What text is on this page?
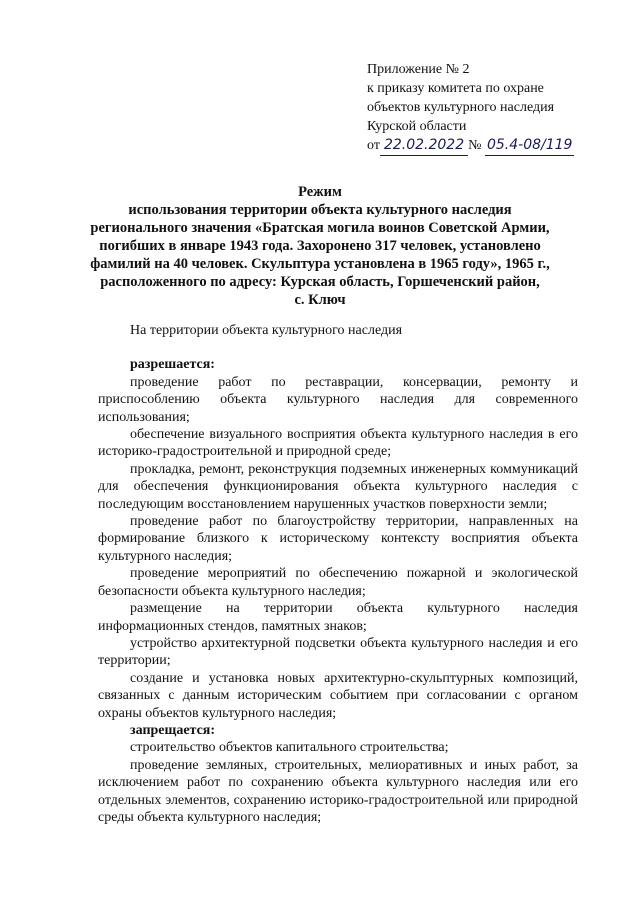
Приложение № 2
к приказу комитета по охране
объектов культурного наследия
Курской области
от 22.02.2022 № 05.4-08/119
Режим
использования территории объекта культурного наследия
регионального значения «Братская могила воинов Советской Армии,
погибших в январе 1943 года. Захоронено 317 человек, установлено
фамилий на 40 человек. Скульптура установлена в 1965 году», 1965 г.,
расположенного по адресу: Курская область, Горшеченский район,
с. Ключ
На территории объекта культурного наследия
разрешается:
проведение работ по реставрации, консервации, ремонту и приспособлению объекта культурного наследия для современного использования;
обеспечение визуального восприятия объекта культурного наследия в его историко-градостроительной и природной среде;
прокладка, ремонт, реконструкция подземных инженерных коммуникаций для обеспечения функционирования объекта культурного наследия с последующим восстановлением нарушенных участков поверхности земли;
проведение работ по благоустройству территории, направленных на формирование близкого к историческому контексту восприятия объекта культурного наследия;
проведение мероприятий по обеспечению пожарной и экологической безопасности объекта культурного наследия;
размещение на территории объекта культурного наследия информационных стендов, памятных знаков;
устройство архитектурной подсветки объекта культурного наследия и его территории;
создание и установка новых архитектурно-скульптурных композиций, связанных с данным историческим событием при согласовании с органом охраны объектов культурного наследия;
запрещается:
строительство объектов капитального строительства;
проведение земляных, строительных, мелиоративных и иных работ, за исключением работ по сохранению объекта культурного наследия или его отдельных элементов, сохранению историко-градостроительной или природной среды объекта культурного наследия;
